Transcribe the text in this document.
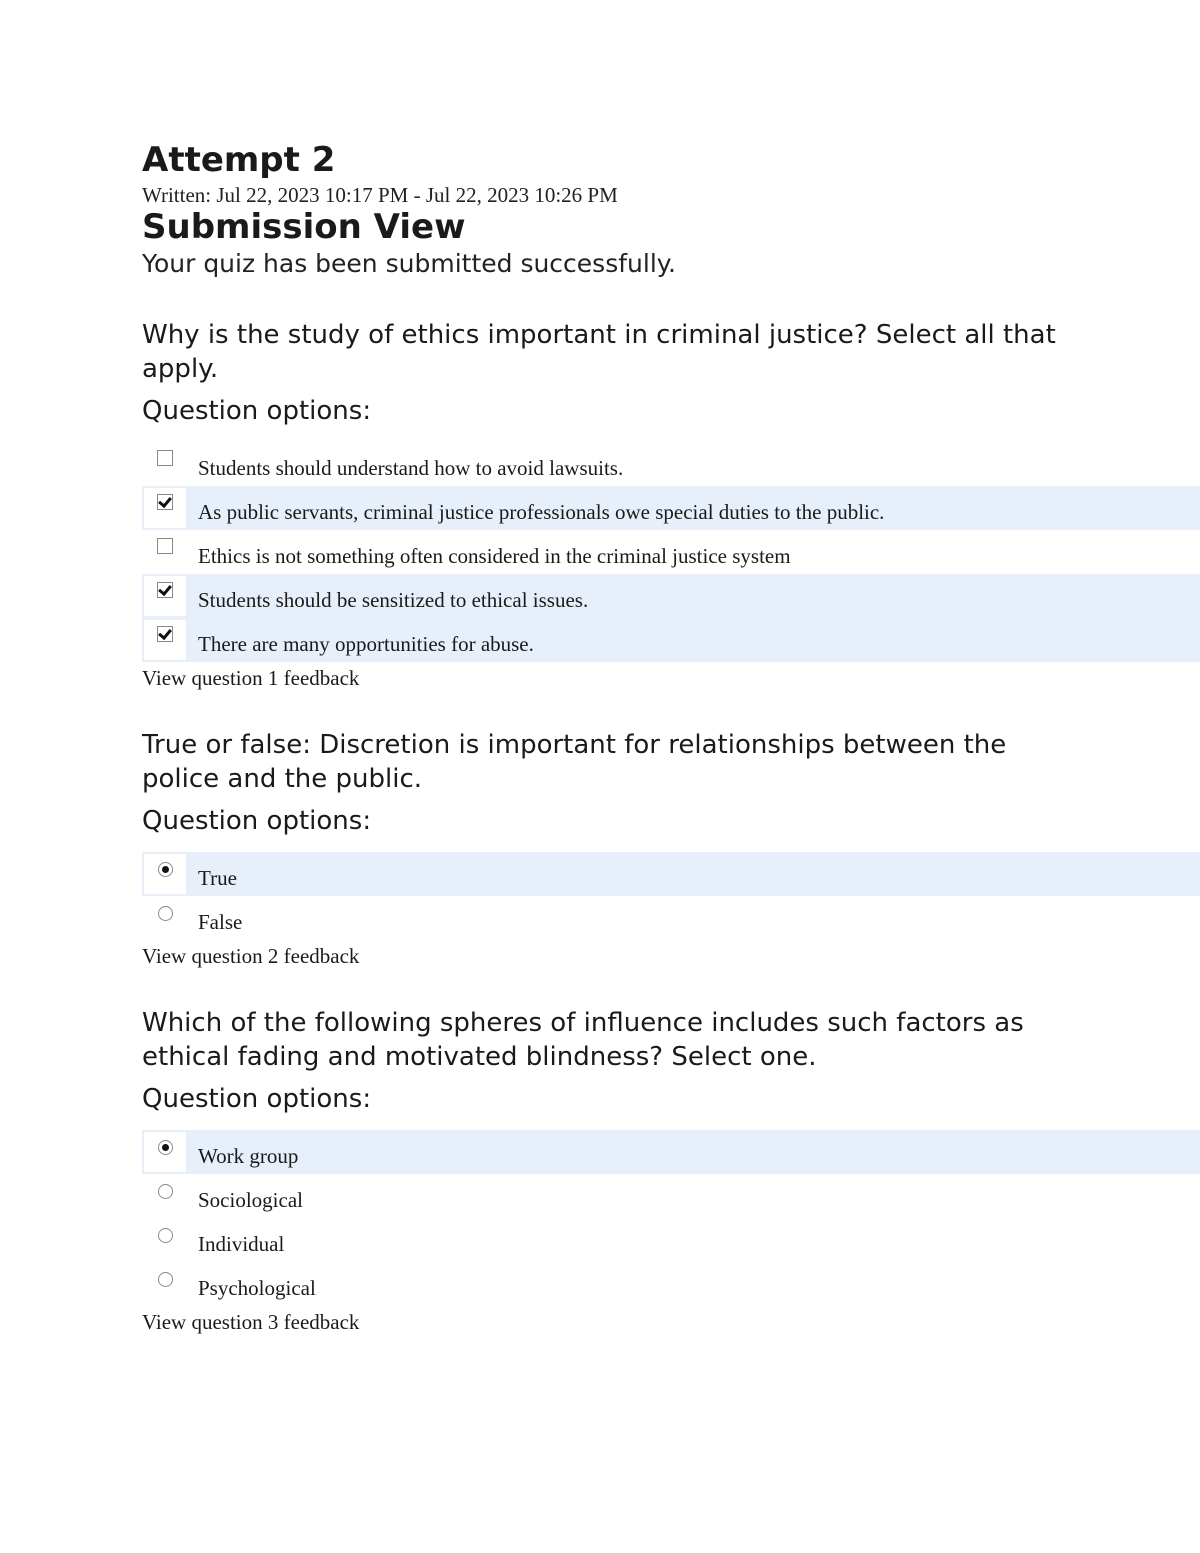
Attempt 2

Written: Jul 22, 2023 10:17 PM - Jul 22, 2023 10:26 PM

Submission View

Your quiz has been submitted successfully.

Why is the study of ethics important in criminal justice? Select all that apply.

Question options:

Students should understand how to avoid lawsuits.
As public servants, criminal justice professionals owe special duties to the public.
Ethics is not something often considered in the criminal justice system
Students should be sensitized to ethical issues.
There are many opportunities for abuse.
View question 1 feedback

True or false: Discretion is important for relationships between the police and the public.

Question options:

True
False
View question 2 feedback

Which of the following spheres of influence includes such factors as ethical fading and motivated blindness? Select one.

Question options:

Work group
Sociological
Individual
Psychological
View question 3 feedback
